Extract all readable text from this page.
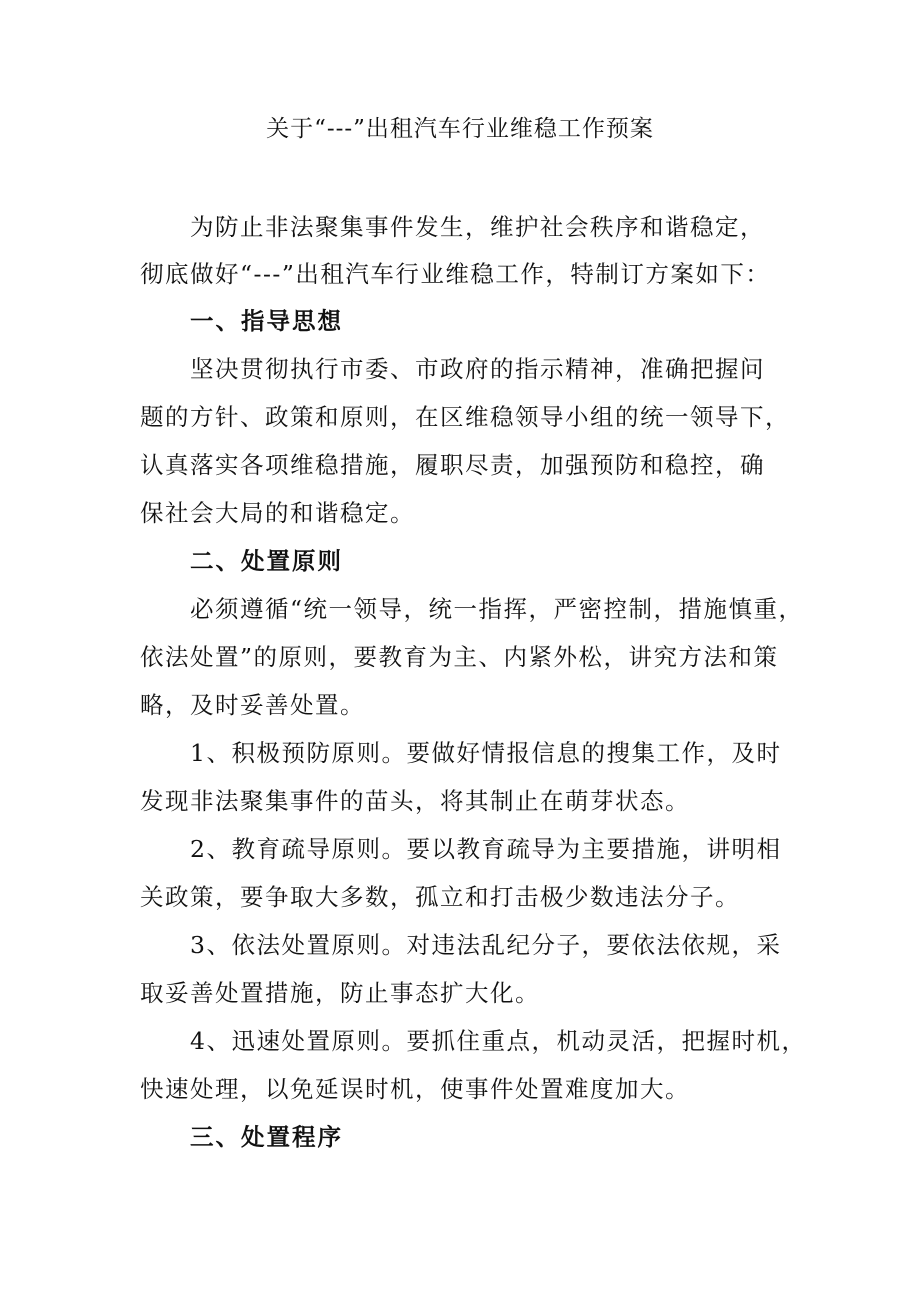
关于“---”出租汽车行业维稳工作预案
为防止非法聚集事件发生，维护社会秩序和谐稳定，
彻底做好“---”出租汽车行业维稳工作，特制订方案如下：
一、指导思想
坚决贯彻执行市委、市政府的指示精神，准确把握问
题的方针、政策和原则，在区维稳领导小组的统一领导下，
认真落实各项维稳措施，履职尽责，加强预防和稳控，确
保社会大局的和谐稳定。
二、处置原则
必须遵循“统一领导，统一指挥，严密控制，措施慎重，
依法处置”的原则，要教育为主、内紧外松，讲究方法和策
略，及时妥善处置。
1、积极预防原则。要做好情报信息的搜集工作，及时
发现非法聚集事件的苗头，将其制止在萌芽状态。
2、教育疏导原则。要以教育疏导为主要措施，讲明相
关政策，要争取大多数，孤立和打击极少数违法分子。
3、依法处置原则。对违法乱纪分子，要依法依规，采
取妥善处置措施，防止事态扩大化。
4、迅速处置原则。要抓住重点，机动灵活，把握时机，
快速处理，以免延误时机，使事件处置难度加大。
三、处置程序
